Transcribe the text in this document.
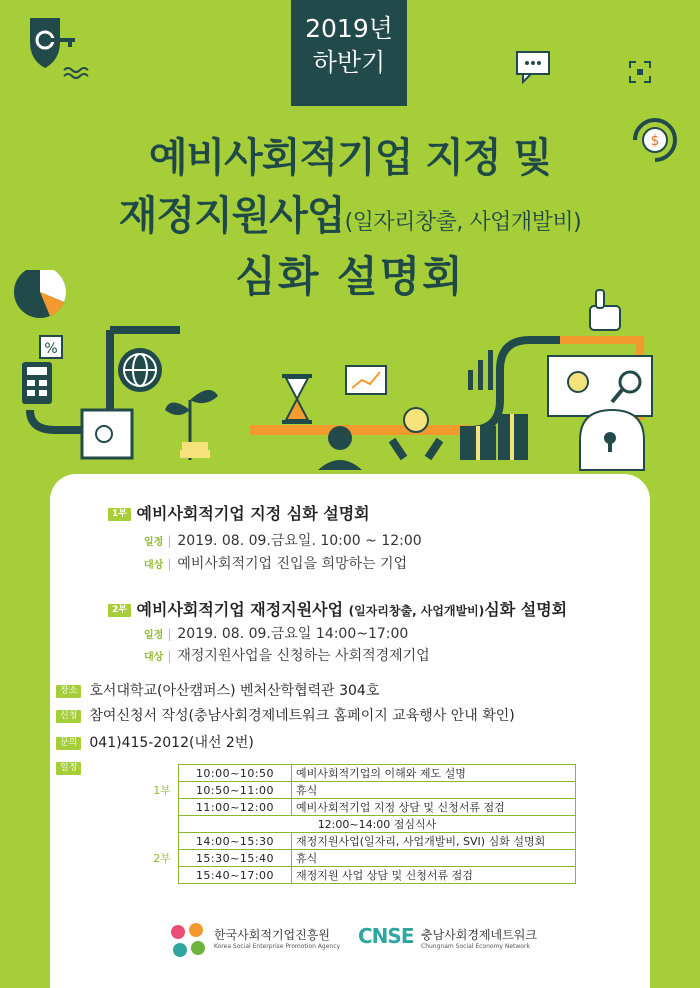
2019년
하반기
$
예비사회적기업 지정 및
재정지원사업(일자리창출, 사업개발비)
심화 설명회
%
1부 예비사회적기업 지정 심화 설명회
일정 | 2019. 08. 09.금요일. 10:00 ~ 12:00
대상 | 예비사회적기업 진입을 희망하는 기업
2부 예비사회적기업 재정지원사업 (일자리창출, 사업개발비)심화 설명회
일정 | 2019. 08. 09.금요일 14:00~17:00
대상 | 재정지원사업을 신청하는 사회적경제기업
장소 호서대학교(아산캠퍼스) 벤처산학협력관 304호
신청 참여신청서 작성(충남사회경제네트워크 홈페이지 교육행사 안내 확인)
문의 041)415-2012(내선 2번)
일정
1부	10:00~10:50	예비사회적기업의 이해와 제도 설명
	10:50~11:00	휴식
	11:00~12:00	예비사회적기업 지정 상담 및 신청서류 점검
	12:00~14:00 점심식사	
2부	14:00~15:30	재정지원사업(일자리, 사업개발비, SVI) 심화 설명회
	15:30~15:40	휴식
	15:40~17:00	재정지원 사업 상담 및 신청서류 점검
한국사회적기업진흥원
Korea Social Enterprise Promotion Agency CNSE 충남사회경제네트워크
Chungnam Social Economy Network
